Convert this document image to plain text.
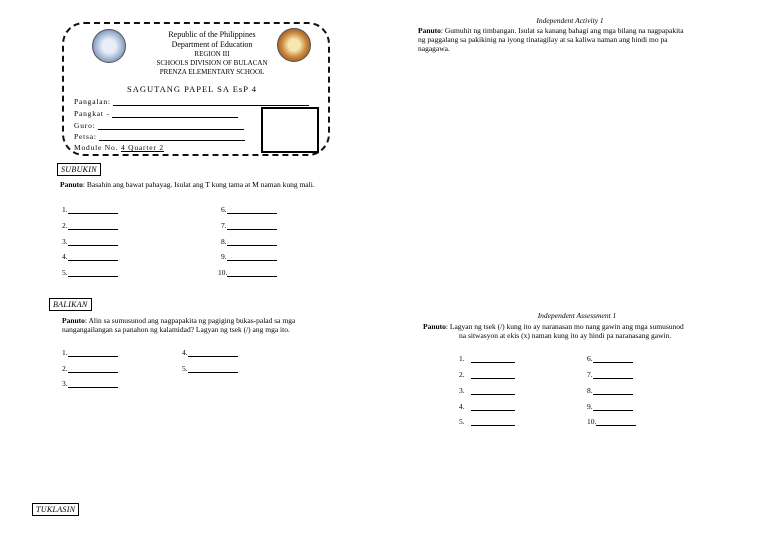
Republic of the Philippines
Department of Education
REGION III
SCHOOLS DIVISION OF BULACAN
PRENZA ELEMENTARY SCHOOL
SAGUTANG PAPEL SA EsP 4
Pangalan:
Pangkat -
Guro:
Petsa:
Module No. 4 Quarter 2
SUBUKIN
Panuto: Basahin ang bawat pahayag. Isulat ang T kung tama at M naman kung mali.
1.
2.
3.
4.
5.
6.
7.
8.
9.
10.
BALIKAN
Panuto: Alin sa sumusunod ang nagpapakita ng pagiging bukas-palad sa mga
nangangailangan sa panahon ng kalamidad? Lagyan ng tsek (/) ang mga ito.
1.
2.
3.
4.
5.
TUKLASIN
Independent Activity 1
Panuto: Gumuhit ng timbangan. Isulat sa kanang bahagi ang mga bilang na nagpapakita
ng paggalang sa pakikinig na iyong tinatagilay at sa kaliwa naman ang hindi mo pa
nagagawa.
Independent Assessment 1
Panuto: Lagyan ng tsek (/) kung ito ay naranasan mo nang gawin ang mga sumusunod
na sitwasyon at ekis (x) naman kung ito ay hindi pa naranasang gawin.
1.
2.
3.
4.
5.
6.
7.
8.
9.
10.
